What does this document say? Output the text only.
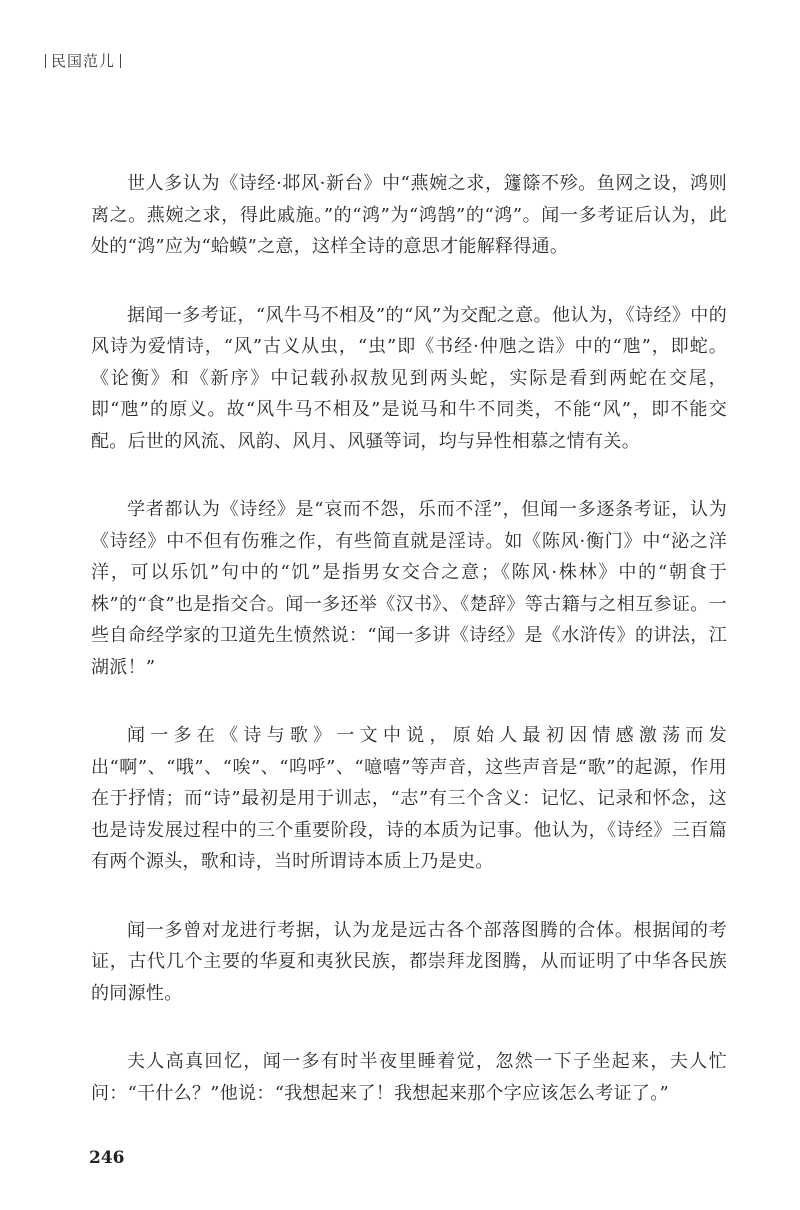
民国范儿

世人多认为《诗经·邶风·新台》中“燕婉之求，籧篨不殄。鱼网之设，鸿则离之。燕婉之求，得此戚施。”的“鸿”为“鸿鹄”的“鸿”。闻一多考证后认为，此处的“鸿”应为“蛤蟆”之意，这样全诗的意思才能解释得通。

据闻一多考证，“风牛马不相及”的“风”为交配之意。他认为，《诗经》中的风诗为爱情诗，“风”古义从虫，“虫”即《书经·仲虺之诰》中的“虺”，即蛇。《论衡》和《新序》中记载孙叔敖见到两头蛇，实际是看到两蛇在交尾，即“虺”的原义。故“风牛马不相及”是说马和牛不同类，不能“风”，即不能交配。后世的风流、风韵、风月、风骚等词，均与异性相慕之情有关。

学者都认为《诗经》是“哀而不怨，乐而不淫”，但闻一多逐条考证，认为《诗经》中不但有伤雅之作，有些简直就是淫诗。如《陈风·衡门》中“泌之洋洋，可以乐饥”句中的“饥”是指男女交合之意；《陈风·株林》中的“朝食于株”的“食”也是指交合。闻一多还举《汉书》、《楚辞》等古籍与之相互参证。一些自命经学家的卫道先生愤然说：“闻一多讲《诗经》是《水浒传》的讲法，江湖派！”

闻一多在《诗与歌》一文中说，原始人最初因情感激荡而发出“啊”、“哦”、“唉”、“呜呼”、“噫嘻”等声音，这些声音是“歌”的起源，作用在于抒情；而“诗”最初是用于训志，“志”有三个含义：记忆、记录和怀念，这也是诗发展过程中的三个重要阶段，诗的本质为记事。他认为，《诗经》三百篇有两个源头，歌和诗，当时所谓诗本质上乃是史。

闻一多曾对龙进行考据，认为龙是远古各个部落图腾的合体。根据闻的考证，古代几个主要的华夏和夷狄民族，都崇拜龙图腾，从而证明了中华各民族的同源性。

夫人高真回忆，闻一多有时半夜里睡着觉，忽然一下子坐起来，夫人忙问：“干什么？”他说：“我想起来了！我想起来那个字应该怎么考证了。”

246
